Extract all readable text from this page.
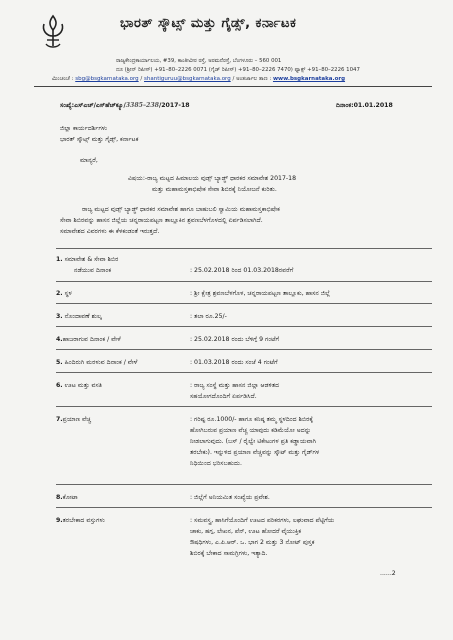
ಭಾರತ್ ಸ್ಕೌಟ್ಸ್ ಮತ್ತು ಗೈಡ್ಸ್, ಕರ್ನಾಟಕ
ರಾಜ್ಯಕೇಂದ್ರಕಾರ್ಯಾಲಯ, #39, ಕಾಂತೀವೀರ ರಸ್ತೆ, ಅರಮನೆರಸ್ತೆ, ಬೆಂಗಳೂರು – 560 001
ದೂ (ಶ್ರೀನ್ ರಿಪೀಸ್) +91–80–2226 0071 (ಗೈಡ್ ರಿಪೀಸ್) +91–80–2226 7470) ಫ್ಯಾಕ್ಸ್ +91–80–2226 1047
ಮಿಂಚಂಚೆ : sbg@bsgkarnataka.org / shantiguruu@bsgkarnataka.org / ಅಂತರ್ಜಾಲ ತಾಣ : www.bsgkarnataka.org
ಸಂಖ್ಯೆ:ಎಸ್‌ಎಚ್‌/ಎಸ್‌ಹೆಚ್‌ಕ್ಯೂ/3385–238/2017-18	ದಿನಾಂಕ:01.01.2018
ಜಿಲ್ಲಾ ಕಾರ್ಯದರ್ಶಿಗಳು
ಭಾರತ್ ಸ್ಕೌಟ್ಸ್ ಮತ್ತು ಗೈಡ್ಸ್, ಕರ್ನಾಟಕ
ಮಾನ್ಯರೆ,
ವಿಷಯ:-ರಾಜ್ಯ ಮಟ್ಟದ ಹಿಮಾಲಯ ವುಡ್ಸ್ ಬ್ಯಾಡ್ಜ್ ಧಾರಕರ ಸಮಾವೇಶ 2017-18
ಮತ್ತು ಮಹಾಮಸ್ತಕಾಭಿಷೇಕ ಸೇವಾ ಶಿಬಿರಕ್ಕೆ ನಿಯೋಜನೆ ಕುರಿತು.
ರಾಜ್ಯ ಮಟ್ಟದ ವುಡ್ಸ್ ಬ್ಯಾಡ್ಜ್ ಧಾರಕರ ಸಮಾವೇಶ ಹಾಗೂ ಬಾಹುಬಲಿ ಸ್ವಾಮಿಯ ಮಹಾಮಸ್ತಕಾಭಿಷೇಕ
ಸೇವಾ ಶಿಬಿರವನ್ನು ಹಾಸನ ಜಿಲ್ಲೆಯ ಚನ್ನರಾಯಪಟ್ಟಣ ತಾಲ್ಲೂಕಿನ ಶ್ರವಣಬೆಳಗೊಳದಲ್ಲಿ ಏರ್ಪಡಿಸಲಾಗಿದೆ.
ಸಮಾವೇಶದ ವಿವರಗಳು ಈ ಕೆಳಕಂಡಂತೆ ಇರುತ್ತದೆ.
1. ಸಮಾವೇಶ & ಸೇವಾ ಶಿಬಿರ
ನಡೆಯುವ ದಿನಾಂಕ	: 25.02.2018 ರಿಂದ 01.03.2018ರವರೆಗೆ
2. ಸ್ಥಳ	: ಶ್ರೀ ಕ್ಷೇತ್ರ ಶ್ರವಣಬೆಳಗೊಳ, ಚನ್ನರಾಯಪಟ್ಟಣ ತಾಲ್ಲೂಕು, ಹಾಸನ ಜಿಲ್ಲೆ
3. ನೊಂದಾವಣೆ ಶುಲ್ಕ	: ತಲಾ ರೂ.25/-
4.ಹಾಜರಾಗುವ ದಿನಾಂಕ / ವೇಳೆ	: 25.02.2018 ರಂದು ಬೆಳಿಗ್ಗೆ 9 ಗಂಟೆಗೆ
5. ಹಿಂದಿರುಗಿ ಮರಳುವ ದಿನಾಂಕ / ವೇಳೆ	: 01.03.2018 ರಂದು ಸಂಜೆ 4 ಗಂಟೆಗೆ
6. ಊಟ ಮತ್ತು ವಸತಿ	: ರಾಜ್ಯ ಸಂಸ್ಥೆ ಮತ್ತು ಹಾಸನ ಜಿಲ್ಲಾ ಆಡಳಿತದ
ಸಹಯೋಗದೊಂದಿಗೆ ಏರ್ಪಡಿಸಿದೆ.
7.ಪ್ರಯಾಣ ವೆಚ್ಚ	: ಗರಿಷ್ಟ ರೂ.1000/- ಹಾಗೂ ಕನಿಷ್ಠ ತಮ್ಮ ಸ್ಥಳದಿಂದ ಶಿಬಿರಕ್ಕೆ
ಹೋಗಿಬರುವ ಪ್ರಯಾಣ ವೆಚ್ಚ ಯಾವುದು ಕಡಿಮೆಯೋ ಅದನ್ನು
ನೀಡಲಾಗುವುದು. (ಬಸ್ / ರೈಲ್ವೇ ಟಿಕೇಟುಗಳ ಪ್ರತಿ ಕಡ್ಡಾಯವಾಗಿ
ತರಬೇಕು). ಇನ್ನುಳಿದ ಪ್ರಯಾಣ ವೆಚ್ಚವನ್ನು ಸ್ಕೌಟ್ ಮತ್ತು ಗೈಡ್‌ಗಳ
ನಿಧಿಯಿಂದ ಭರಿಸಬಹುದು.
8.ಕೋಟಾ	: ಜಿಲ್ಲೆಗೆ ಅನಿಯಮಿತ ಸಂಖ್ಯೆಯ ಪ್ರವೇಶ.
9.ತರಬೇಕಾದ ವಸ್ತುಗಳು	: ಸಮವಸ್ತ್ರ, ಹಾಸಿಗೆಯೊಂದಿಗೆ ಊಟದ ಪರಿಕರಗಳು, ಲಘುವಾದ ಪೆಟ್ಟಿಗೆಯ
ಚಾಕು, ಹಗ್ಗ, ಲೇಖನ, ಪೆನ್, ಊಟ ಹೋದರೆ ವೈಯುಕ್ತಿಕ
ಔಷಧಿಗಳು, ಎ.ಪಿ.ಆರ್. ಒ. ಭಾಗ 2 ಮತ್ತು 3 ನೋಟ್ ಪುಸ್ತಕ
ಶಿಬಿರಕ್ಕೆ ಬೇಕಾದ ಸಾಮಗ್ರಿಗಳು, ಇತ್ಯಾದಿ.
......2
